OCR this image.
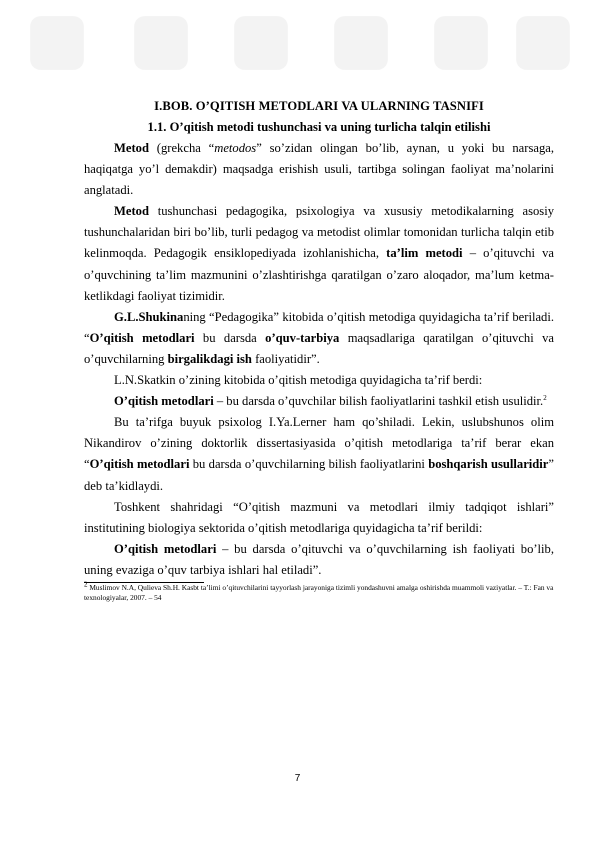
I.BOB. O’QITISH METODLARI VA ULARNING TASNIFI
1.1. O’qitish metodi tushunchasi va uning turlicha talqin etilishi

Metod (grekcha “metodos” so’zidan olingan bo’lib, aynan, u yoki bu narsaga, haqiqatga yo’l demakdir) maqsadga erishish usuli, tartibga solingan faoliyat ma’nolarini anglatadi.

Metod tushunchasi pedagogika, psixologiya va xususiy metodikalarning asosiy tushunchalaridan biri bo’lib, turli pedagog va metodist olimlar tomonidan turlicha talqin etib kelinmoqda. Pedagogik ensiklopediyada izohlanishicha, ta’lim metodi – o’qituvchi va o’quvchining ta’lim mazmunini o’zlashtirishga qaratilgan o’zaro aloqador, ma’lum ketma-ketlikdagi faoliyat tizimidir.

G.L.Shukinaning “Pedagogika” kitobida o’qitish metodiga quyidagicha ta’rif beriladi. “O’qitish metodlari bu darsda o’quv-tarbiya maqsadlariga qaratilgan o’qituvchi va o’quvchilarning birgalikdagi ish faoliyatidir”.

L.N.Skatkin o’zining kitobida o’qitish metodiga quyidagicha ta’rif berdi:

O’qitish metodlari – bu darsda o’quvchilar bilish faoliyatlarini tashkil etish usulidir.$^2$

Bu ta’rifga buyuk psixolog I.Ya.Lerner ham qo’shiladi. Lekin, uslubshunos olim Nikandirov o’zining doktorlik dissertasiyasida o’qitish metodlariga ta’rif berar ekan “O’qitish metodlari bu darsda o’quvchilarning bilish faoliyatlarini boshqarish usullaridir” deb ta’kidlaydi.

Toshkent shahridagi “O’qitish mazmuni va metodlari ilmiy tadqiqot ishlari” institutining biologiya sektorida o’qitish metodlariga quyidagicha ta’rif berildi:

O’qitish metodlari – bu darsda o’qituvchi va o’quvchilarning ish faoliyati bo’lib, uning evaziga o’quv tarbiya ishlari hal etiladi”.

$^2$ Muslimov N.A, Qulieva Sh.H. Kasbt ta’limi o’qituvchilarini tayyorlash jarayoniga tizimli yondashuvni amalga oshirishda muammoli vaziyatlar. – T.: Fan va texnologiyalar, 2007. – 54

7
